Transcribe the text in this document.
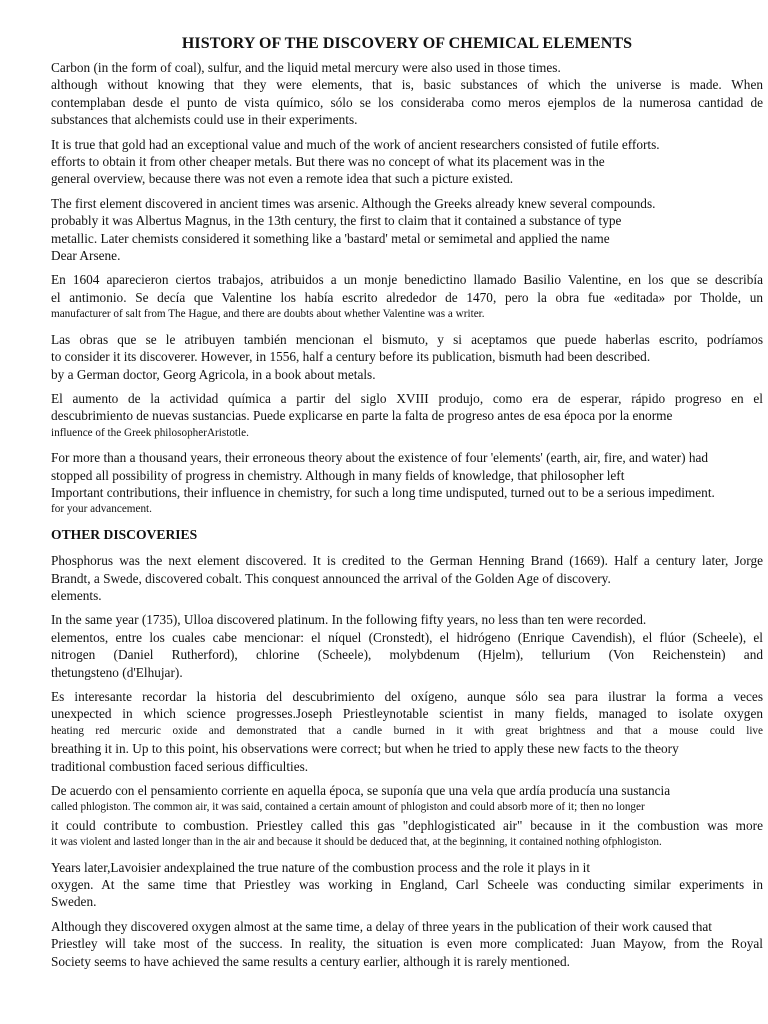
HISTORY OF THE DISCOVERY OF CHEMICAL ELEMENTS
Carbon (in the form of coal), sulfur, and the liquid metal mercury were also used in those times.
although without knowing that they were elements, that is, basic substances of which the universe is made. When
contemplaban desde el punto de vista químico, sólo se los consideraba como meros ejemplos de la numerosa cantidad de
substances that alchemists could use in their experiments.
It is true that gold had an exceptional value and much of the work of ancient researchers consisted of futile efforts.
efforts to obtain it from other cheaper metals. But there was no concept of what its placement was in the
general overview, because there was not even a remote idea that such a picture existed.
The first element discovered in ancient times was arsenic. Although the Greeks already knew several compounds.
probably it was Albertus Magnus, in the 13th century, the first to claim that it contained a substance of type
metallic. Later chemists considered it something like a 'bastard' metal or semimetal and applied the name
Dear Arsene.
En 1604 aparecieron ciertos trabajos, atribuidos a un monje benedictino llamado Basilio Valentine, en los que se describía
el antimonio. Se decía que Valentine los había escrito alrededor de 1470, pero la obra fue «editada» por Tholde, un
manufacturer of salt from The Hague, and there are doubts about whether Valentine was a writer.
Las obras que se le atribuyen también mencionan el bismuto, y si aceptamos que puede haberlas escrito, podríamos
to consider it its discoverer. However, in 1556, half a century before its publication, bismuth had been described.
by a German doctor, Georg Agricola, in a book about metals.
El aumento de la actividad química a partir del siglo XVIII produjo, como era de esperar, rápido progreso en el
descubrimiento de nuevas sustancias. Puede explicarse en parte la falta de progreso antes de esa época por la enorme
influence of the Greek philosopherAristotle.
For more than a thousand years, their erroneous theory about the existence of four 'elements' (earth, air, fire, and water) had
stopped all possibility of progress in chemistry. Although in many fields of knowledge, that philosopher left
Important contributions, their influence in chemistry, for such a long time undisputed, turned out to be a serious impediment.
for your advancement.
OTHER DISCOVERIES
Phosphorus was the next element discovered. It is credited to the German Henning Brand (1669). Half a century later, Jorge
Brandt, a Swede, discovered cobalt. This conquest announced the arrival of the Golden Age of discovery.
elements.
In the same year (1735), Ulloa discovered platinum. In the following fifty years, no less than ten were recorded.
elementos, entre los cuales cabe mencionar: el níquel (Cronstedt), el hidrógeno (Enrique Cavendish), el flúor (Scheele), el
nitrogen (Daniel Rutherford), chlorine (Scheele), molybdenum (Hjelm), tellurium (Von Reichenstein) and
thetungsteno (d'Elhujar).
Es interesante recordar la historia del descubrimiento del oxígeno, aunque sólo sea para ilustrar la forma a veces
unexpected in which science progresses.Joseph Priestleynotable scientist in many fields, managed to isolate oxygen
heating red mercuric oxide and demonstrated that a candle burned in it with great brightness and that a mouse could live
breathing it in. Up to this point, his observations were correct; but when he tried to apply these new facts to the theory
traditional combustion faced serious difficulties.
De acuerdo con el pensamiento corriente en aquella época, se suponía que una vela que ardía producía una sustancia
called phlogiston. The common air, it was said, contained a certain amount of phlogiston and could absorb more of it; then no longer
it could contribute to combustion. Priestley called this gas "dephlogisticated air" because in it the combustion was more
it was violent and lasted longer than in the air and because it should be deduced that, at the beginning, it contained nothing ofphlogiston.
Years later,Lavoisier andexplained the true nature of the combustion process and the role it plays in it
oxygen. At the same time that Priestley was working in England, Carl Scheele was conducting similar experiments in
Sweden.
Although they discovered oxygen almost at the same time, a delay of three years in the publication of their work caused that
Priestley will take most of the success. In reality, the situation is even more complicated: Juan Mayow, from the Royal
Society seems to have achieved the same results a century earlier, although it is rarely mentioned.
